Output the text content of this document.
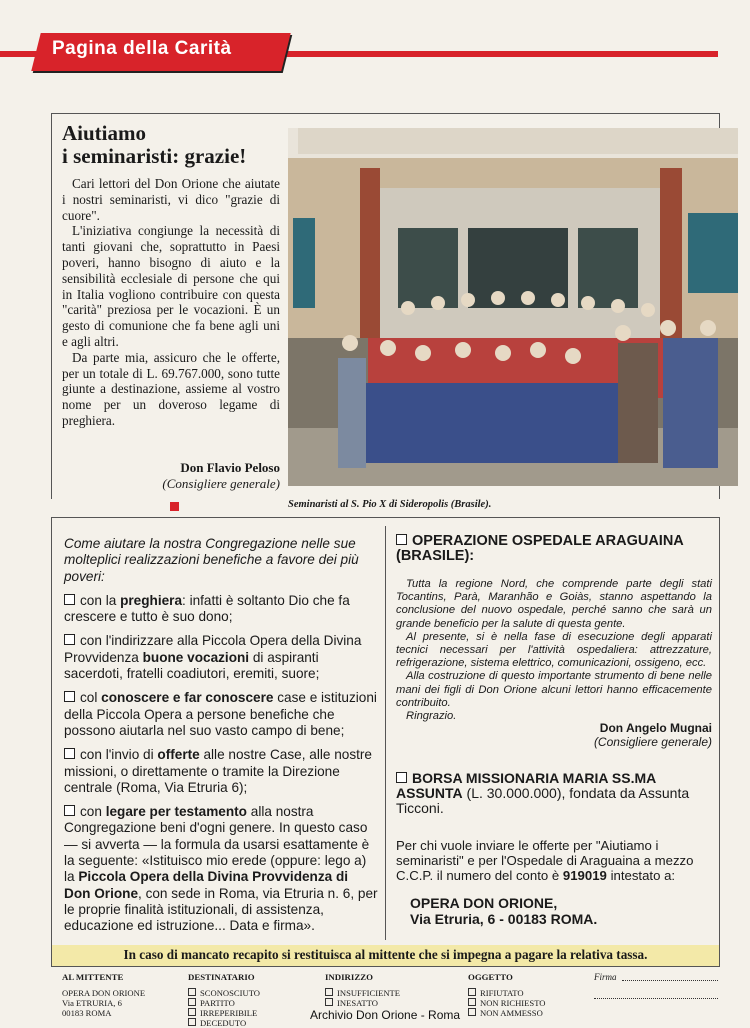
Pagina della Carità
Aiutiamo
i seminaristi: grazie!

Cari lettori del Don Orione che aiutate i nostri seminaristi, vi dico "grazie di cuore".

L'iniziativa congiunge la necessità di tanti giovani che, soprattutto in Paesi poveri, hanno bisogno di aiuto e la sensibilità ecclesiale di persone che qui in Italia vogliono contribuire con questa "carità" preziosa per le vocazioni. È un gesto di comunione che fa bene agli uni e agli altri.

Da parte mia, assicuro che le offerte, per un totale di L. 69.767.000, sono tutte giunte a destinazione, assieme al vostro nome per un doveroso legame di preghiera.

Don Flavio Peloso
(Consigliere generale)
Seminaristi al S. Pio X di Sideropolis (Brasile).

Come aiutare la nostra Congregazione nelle sue molteplici realizzazioni benefiche a favore dei più poveri:

con la preghiera: infatti è soltanto Dio che fa crescere e tutto è suo dono;

con l'indirizzare alla Piccola Opera della Divina Provvidenza buone vocazioni di aspiranti sacerdoti, fratelli coadiutori, eremiti, suore;

col conoscere e far conoscere case e istituzioni della Piccola Opera a persone benefiche che possono aiutarla nel suo vasto campo di bene;

con l'invio di offerte alle nostre Case, alle nostre missioni, o direttamente o tramite la Direzione centrale (Roma, Via Etruria 6);

con legare per testamento alla nostra Congregazione beni d'ogni genere. In questo caso — si avverta — la formula da usarsi esattamente è la seguente: «Istituisco mio erede (oppure: lego a) la Piccola Opera della Divina Provvidenza di Don Orione, con sede in Roma, via Etruria n. 6, per le proprie finalità istituzionali, di assistenza, educazione ed istruzione... Data e firma».

OPERAZIONE OSPEDALE ARAGUAINA (BRASILE):

Tutta la regione Nord, che comprende parte degli stati Tocantins, Parà, Maranhão e Goiàs, stanno aspettando la conclusione del nuovo ospedale, perché sanno che sarà un grande beneficio per la salute di questa gente.

Al presente, si è nella fase di esecuzione degli apparati tecnici necessari per l'attività ospedaliera: attrezzature, refrigerazione, sistema elettrico, comunicazioni, ossigeno, ecc.

Alla costruzione di questo importante strumento di bene nelle mani dei figli di Don Orione alcuni lettori hanno efficacemente contribuito.

Ringrazio.

Don Angelo Mugnai
(Consigliere generale)
BORSA MISSIONARIA MARIA SS.MA ASSUNTA (L. 30.000.000), fondata da Assunta Ticconi.
Per chi vuole inviare le offerte per "Aiutiamo i seminaristi" e per l'Ospedale di Araguaina a mezzo C.C.P. il numero del conto è 919019 intestato a:
OPERA DON ORIONE,
Via Etruria, 6 - 00183 ROMA.
In caso di mancato recapito si restituisca al mittente che si impegna a pagare la relativa tassa.
AL MITTENTE
OPERA DON ORIONE
Via ETRURIA, 6
00183 ROMA
DESTINATARIO
SCONOSCIUTO
PARTITO
IRREPERIBILE
DECEDUTO
INDIRIZZO
INSUFFICIENTE
INESATTO
OGGETTO
RIFIUTATO
NON RICHIESTO
NON AMMESSO
Firma
Archivio Don Orione - Roma
